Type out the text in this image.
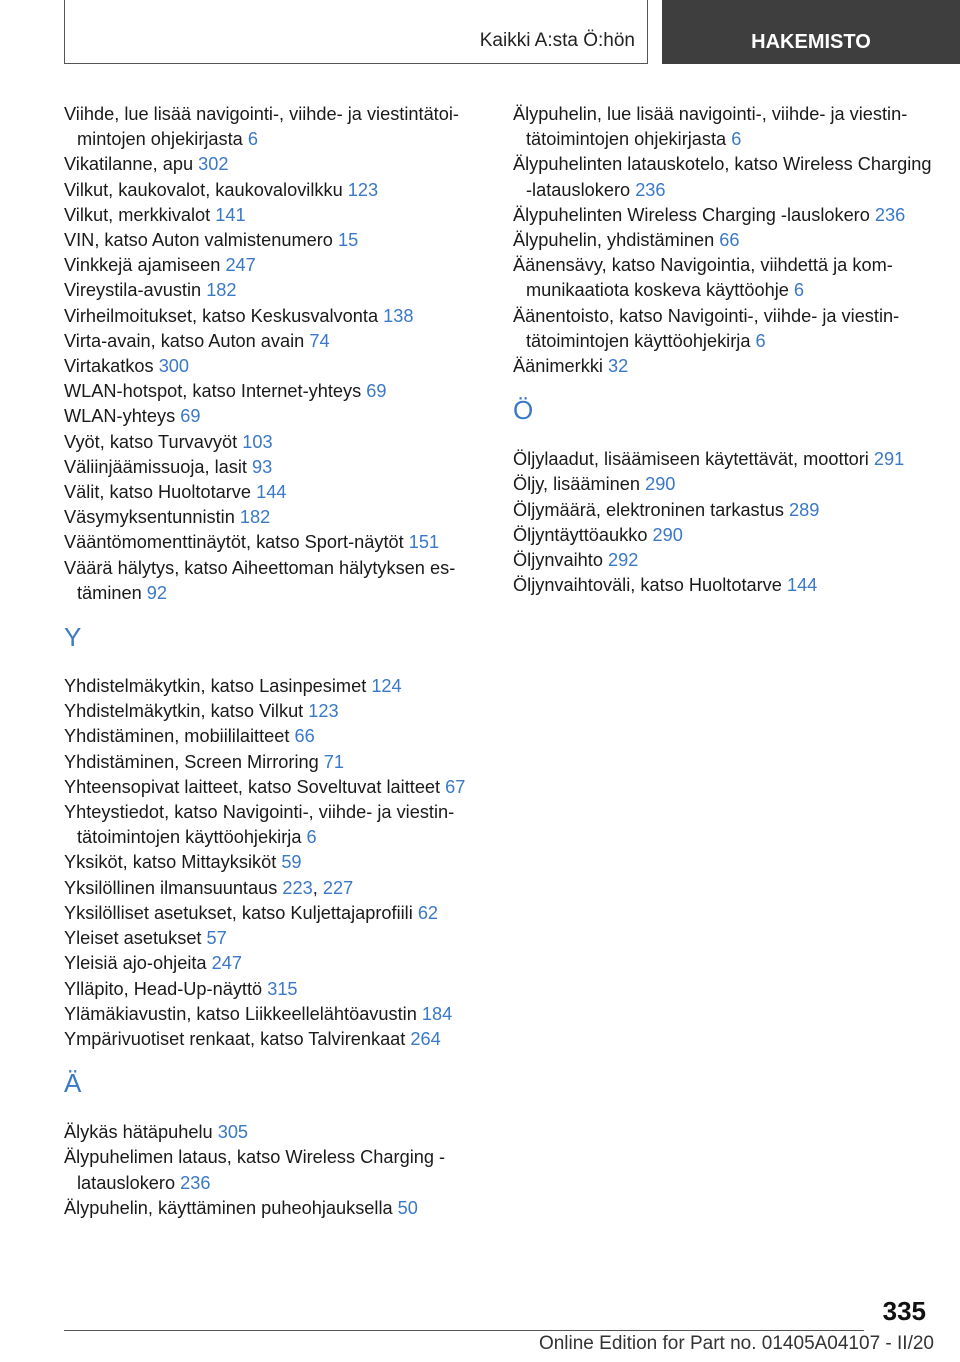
Kaikki A:sta Ö:hön	HAKEMISTO

Viihde, lue lisää navigointi-, viihde- ja viestintätoimintojen ohjekirjasta 6

Vikatilanne, apu 302

Vilkut, kaukovalot, kaukovalovilkku 123

Vilkut, merkkivalot 141

VIN, katso Auton valmistenumero 15

Vinkkejä ajamiseen 247

Vireystila-avustin 182

Virheilmoitukset, katso Keskusvalvonta 138

Virta-avain, katso Auton avain 74

Virtakatkos 300

WLAN-hotspot, katso Internet-yhteys 69

WLAN-yhteys 69

Vyöt, katso Turvavyöt 103

Väliinjäämissuoja, lasit 93

Välit, katso Huoltotarve 144

Väsymyksentunnistin 182

Vääntömomenttinäytöt, katso Sport-näytöt 151

Väärä hälytys, katso Aiheettoman hälytyksen estäminen 92

Y

Yhdistelmäkytkin, katso Lasinpesimet 124

Yhdistelmäkytkin, katso Vilkut 123

Yhdistäminen, mobiililaitteet 66

Yhdistäminen, Screen Mirroring 71

Yhteensopivat laitteet, katso Soveltuvat laitteet 67

Yhteystiedot, katso Navigointi-, viihde- ja viestintätoimintojen käyttöohjekirja 6

Yksiköt, katso Mittayksiköt 59

Yksilöllinen ilmansuuntaus 223, 227

Yksilölliset asetukset, katso Kuljettajaprofiili 62

Yleiset asetukset 57

Yleisiä ajo-ohjeita 247

Ylläpito, Head-Up-näyttö 315

Ylämäkiavustin, katso Liikkeellelähtöavustin 184

Ympärivuotiset renkaat, katso Talvirenkaat 264

Ä

Älykäs hätäpuhelu 305

Älypuhelimen lataus, katso Wireless Charging -latauslokero 236

Älypuhelin, käyttäminen puheohjauksella 50

Älypuhelin, lue lisää navigointi-, viihde- ja viestintätoimintojen ohjekirjasta 6

Älypuhelinten latauskotelo, katso Wireless Charging -latauslokero 236

Älypuhelinten Wireless Charging -lauslokero 236

Älypuhelin, yhdistäminen 66

Äänensävy, katso Navigointia, viihdettä ja kommunikaatiota koskeva käyttöohje 6

Äänentoisto, katso Navigointi-, viihde- ja viestintätoimintojen käyttöohjekirja 6

Äänimerkki 32

Ö

Öljylaadut, lisäämiseen käytettävät, moottori 291

Öljy, lisääminen 290

Öljymäärä, elektroninen tarkastus 289

Öljyntäyttöaukko 290

Öljynvaihto 292

Öljynvaihtoväli, katso Huoltotarve 144

335
Online Edition for Part no. 01405A04107 - II/20
